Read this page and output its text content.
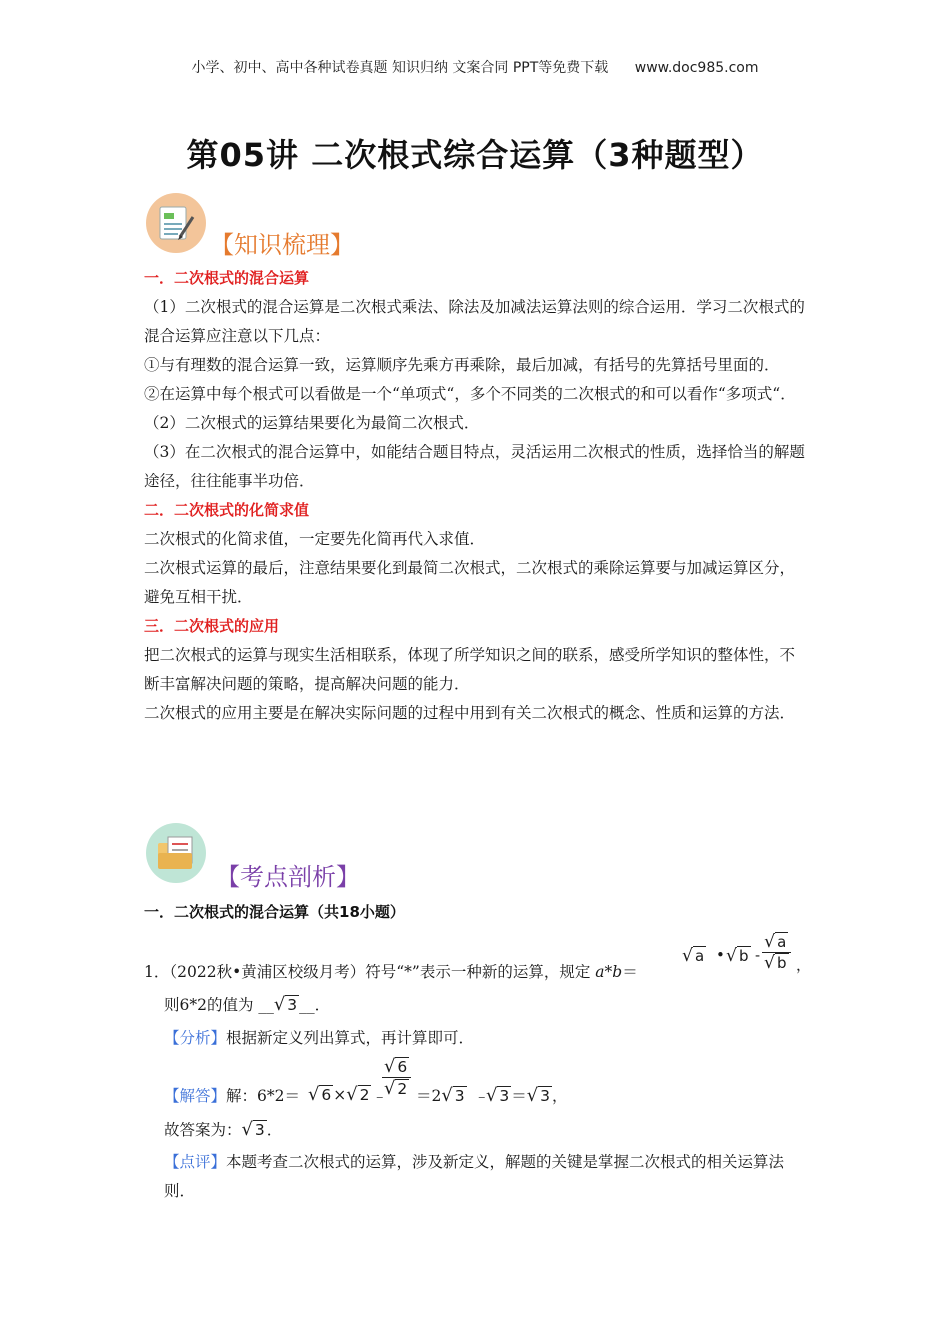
小学、初中、高中各种试卷真题 知识归纳 文案合同 PPT等免费下载 www.doc985.com
第05讲 二次根式综合运算（3种题型）
【知识梳理】

一．二次根式的混合运算

（1）二次根式的混合运算是二次根式乘法、除法及加减法运算法则的综合运用．学习二次根式的混合运算应注意以下几点：

①与有理数的混合运算一致，运算顺序先乘方再乘除，最后加减，有括号的先算括号里面的．

②在运算中每个根式可以看做是一个“单项式“，多个不同类的二次根式的和可以看作“多项式“．

（2）二次根式的运算结果要化为最简二次根式．

（3）在二次根式的混合运算中，如能结合题目特点，灵活运用二次根式的性质，选择恰当的解题途径，往往能事半功倍．

二．二次根式的化简求值

二次根式的化简求值，一定要先化简再代入求值．

二次根式运算的最后，注意结果要化到最简二次根式，二次根式的乘除运算要与加减运算区分，避免互相干扰．

三．二次根式的应用

把二次根式的运算与现实生活相联系，体现了所学知识之间的联系，感受所学知识的整体性，不断丰富解决问题的策略，提高解决问题的能力．

二次根式的应用主要是在解决实际问题的过程中用到有关二次根式的概念、性质和运算的方法．

【考点剖析】
一．二次根式的混合运算（共18小题）
1．（2022秋•黄浦区校级月考）符号“*”表示一种新的运算，规定 a*b＝
√ a • √ b - $\frac{√ a}{√ b}$ ，
则6*2的值为 __√ 3 __．
【分析】根据新定义列出算式，再计算即可．
【解答】解：6*2＝ √ 6 ×√ 2 ﹣
$\frac{√ 6}{√ 2} =2√$ 3 ﹣
√ 3 ＝√ 3 ，
故答案为：√ 3 ．
【点评】本题考查二次根式的运算，涉及新定义，解题的关键是掌握二次根式的相关运算法则．
